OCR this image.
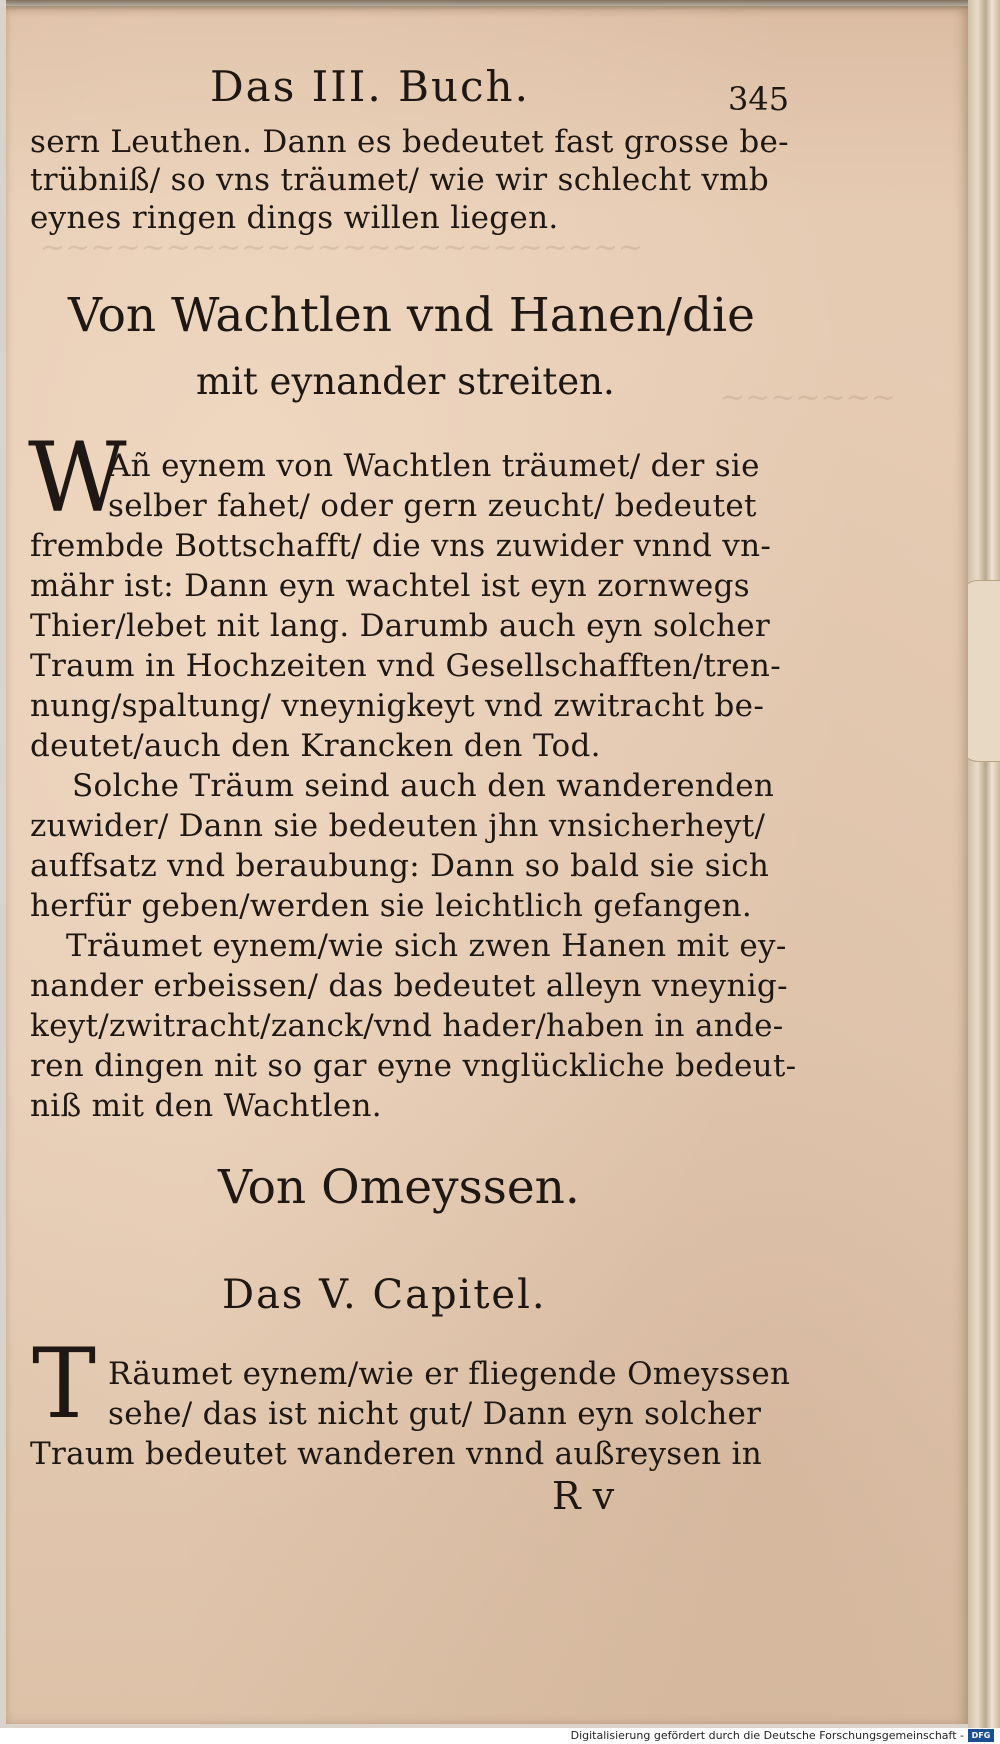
~~~~~~~~~~~~~~~~~~~~~~~~
~~~~~~~
Das III. Buch.	345
sern Leuthen. Dann es bedeutet fast grosse be-
trübniß/ so vns träumet/ wie wir schlecht vmb
eynes ringen dings willen liegen.
Von Wachtlen vnd Hanen/die
mit eynander streiten.
W
Añ eynem von Wachtlen träumet/ der sie
selber fahet/ oder gern zeucht/ bedeutet
frembde Bottschafft/ die vns zuwider vnnd vn-
mähr ist: Dann eyn wachtel ist eyn zornwegs
Thier/lebet nit lang. Darumb auch eyn solcher
Traum in Hochzeiten vnd Gesellschafften/tren-
nung/spaltung/ vneynigkeyt vnd zwitracht be-
deutet/auch den Krancken den Tod.
Solche Träum seind auch den wanderenden
zuwider/ Dann sie bedeuten jhn vnsicherheyt/
auffsatz vnd beraubung: Dann so bald sie sich
herfür geben/werden sie leichtlich gefangen.
Träumet eynem/wie sich zwen Hanen mit ey-
nander erbeissen/ das bedeutet alleyn vneynig-
keyt/zwitracht/zanck/vnd hader/haben in ande-
ren dingen nit so gar eyne vnglückliche bedeut-
niß mit den Wachtlen.
Von Omeyssen.
Das V. Capitel.
T Räumet eynem/wie er fliegende Omeyssen
sehe/ das ist nicht gut/ Dann eyn solcher
Traum bedeutet wanderen vnnd außreysen in
R v
Digitalisierung gefördert durch die Deutsche Forschungsgemeinschaft - DFG
